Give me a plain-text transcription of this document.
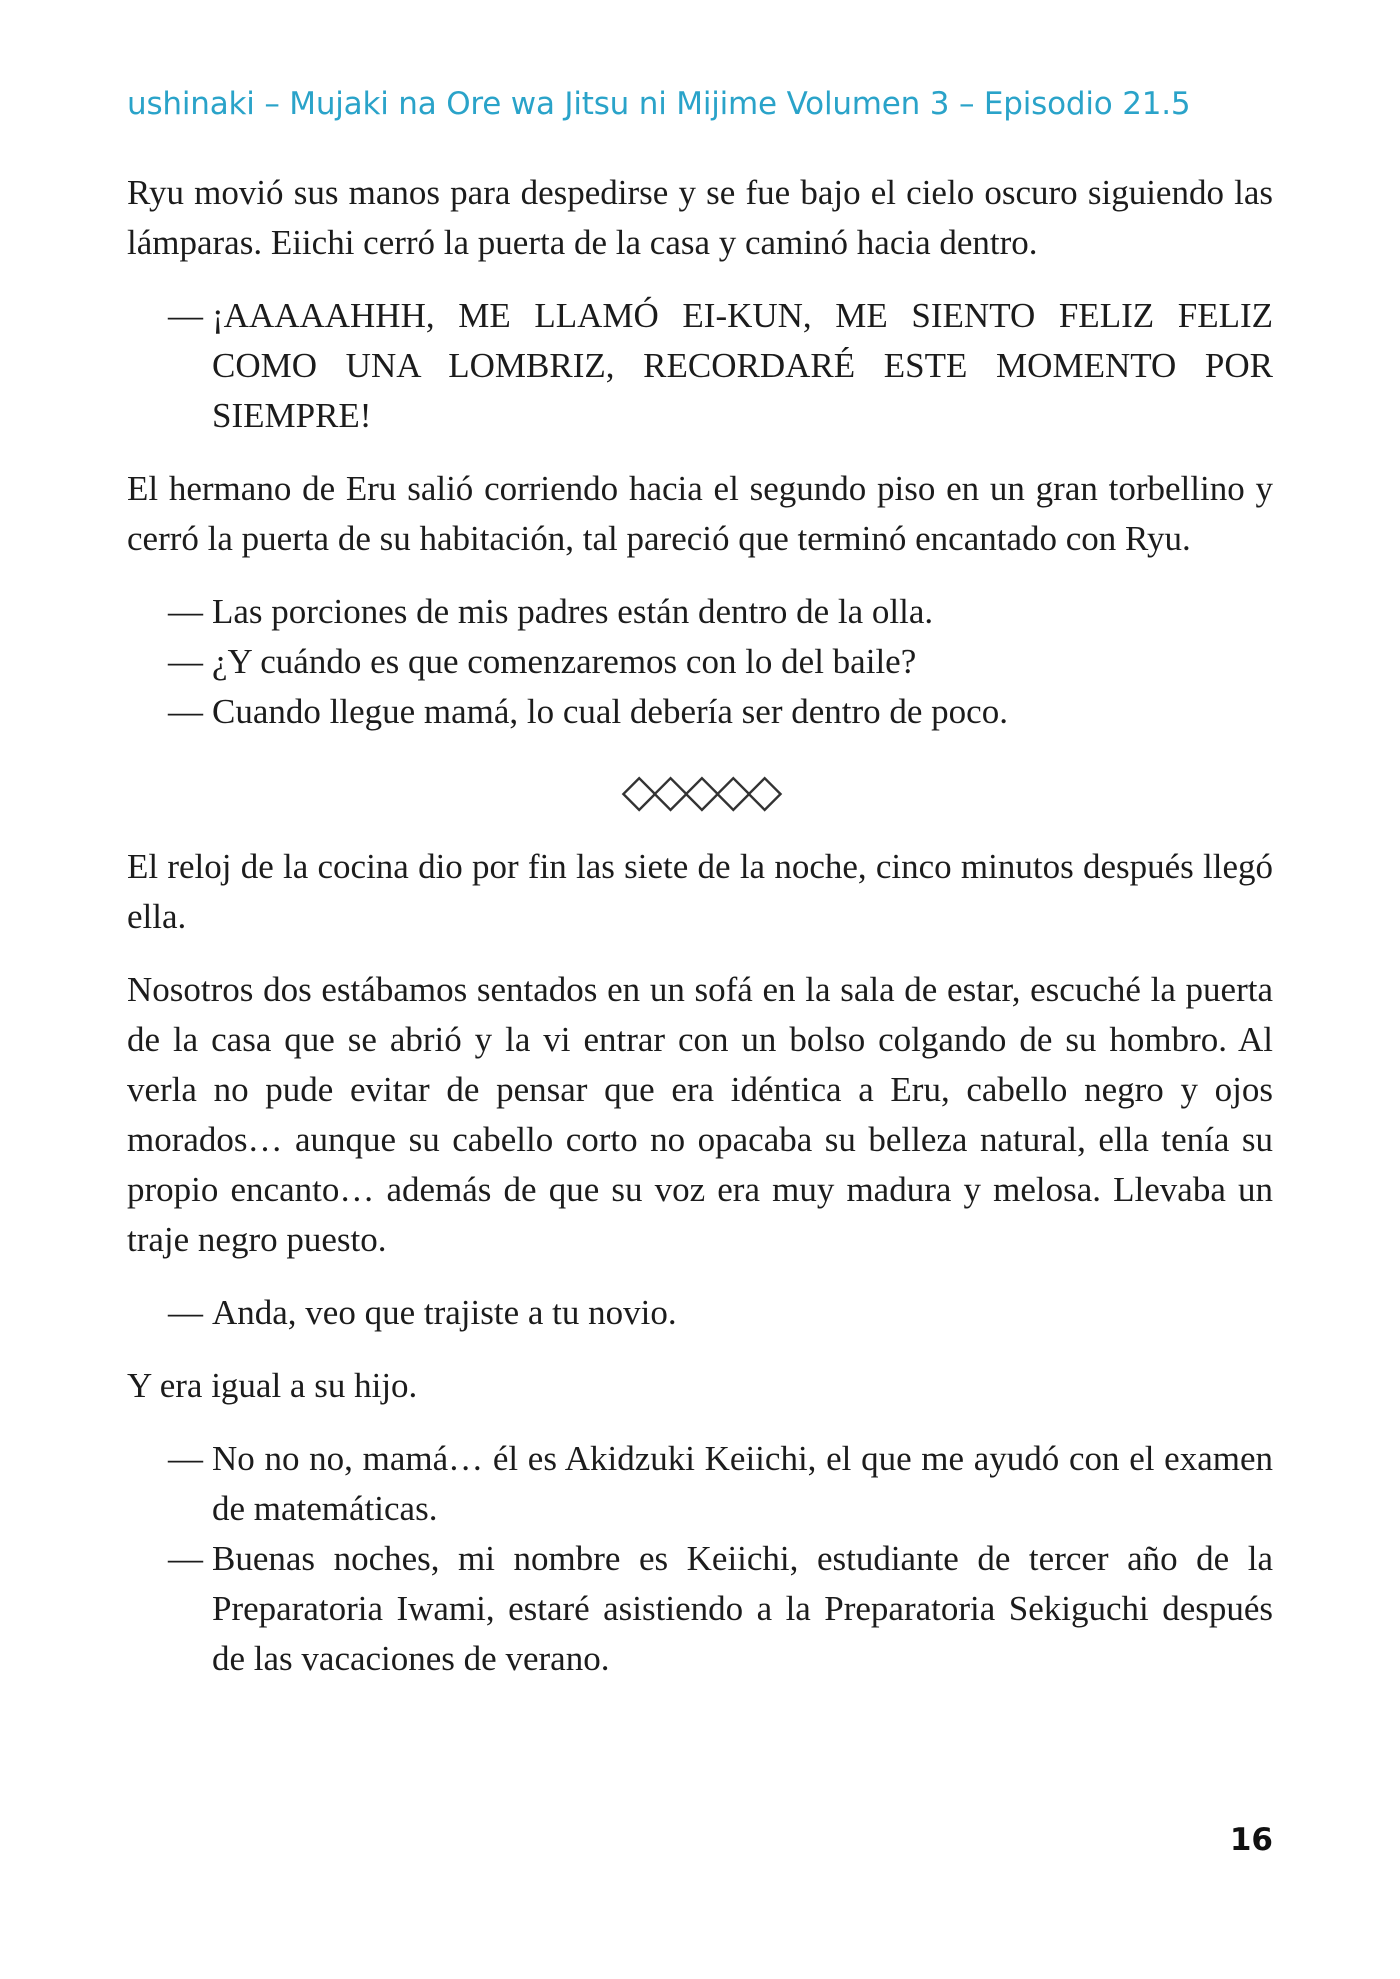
ushinaki – Mujaki na Ore wa Jitsu ni Mijime Volumen 3 – Episodio 21.5

Ryu movió sus manos para despedirse y se fue bajo el cielo oscuro siguiendo las lámparas. Eiichi cerró la puerta de la casa y caminó hacia dentro.

— ¡AAAAAHHH, ME LLAMÓ EI-KUN, ME SIENTO FELIZ FELIZ COMO UNA LOMBRIZ, RECORDARÉ ESTE MOMENTO POR SIEMPRE!

El hermano de Eru salió corriendo hacia el segundo piso en un gran torbellino y cerró la puerta de su habitación, tal pareció que terminó encantado con Ryu.

— Las porciones de mis padres están dentro de la olla.

— ¿Y cuándo es que comenzaremos con lo del baile?

— Cuando llegue mamá, lo cual debería ser dentro de poco.

◇◇◇◇◇

El reloj de la cocina dio por fin las siete de la noche, cinco minutos después llegó ella.

Nosotros dos estábamos sentados en un sofá en la sala de estar, escuché la puerta de la casa que se abrió y la vi entrar con un bolso colgando de su hombro. Al verla no pude evitar de pensar que era idéntica a Eru, cabello negro y ojos morados… aunque su cabello corto no opacaba su belleza natural, ella tenía su propio encanto… además de que su voz era muy madura y melosa. Llevaba un traje negro puesto.

— Anda, veo que trajiste a tu novio.

Y era igual a su hijo.

— No no no, mamá… él es Akidzuki Keiichi, el que me ayudó con el examen de matemáticas.

— Buenas noches, mi nombre es Keiichi, estudiante de tercer año de la Preparatoria Iwami, estaré asistiendo a la Preparatoria Sekiguchi después de las vacaciones de verano.

16
